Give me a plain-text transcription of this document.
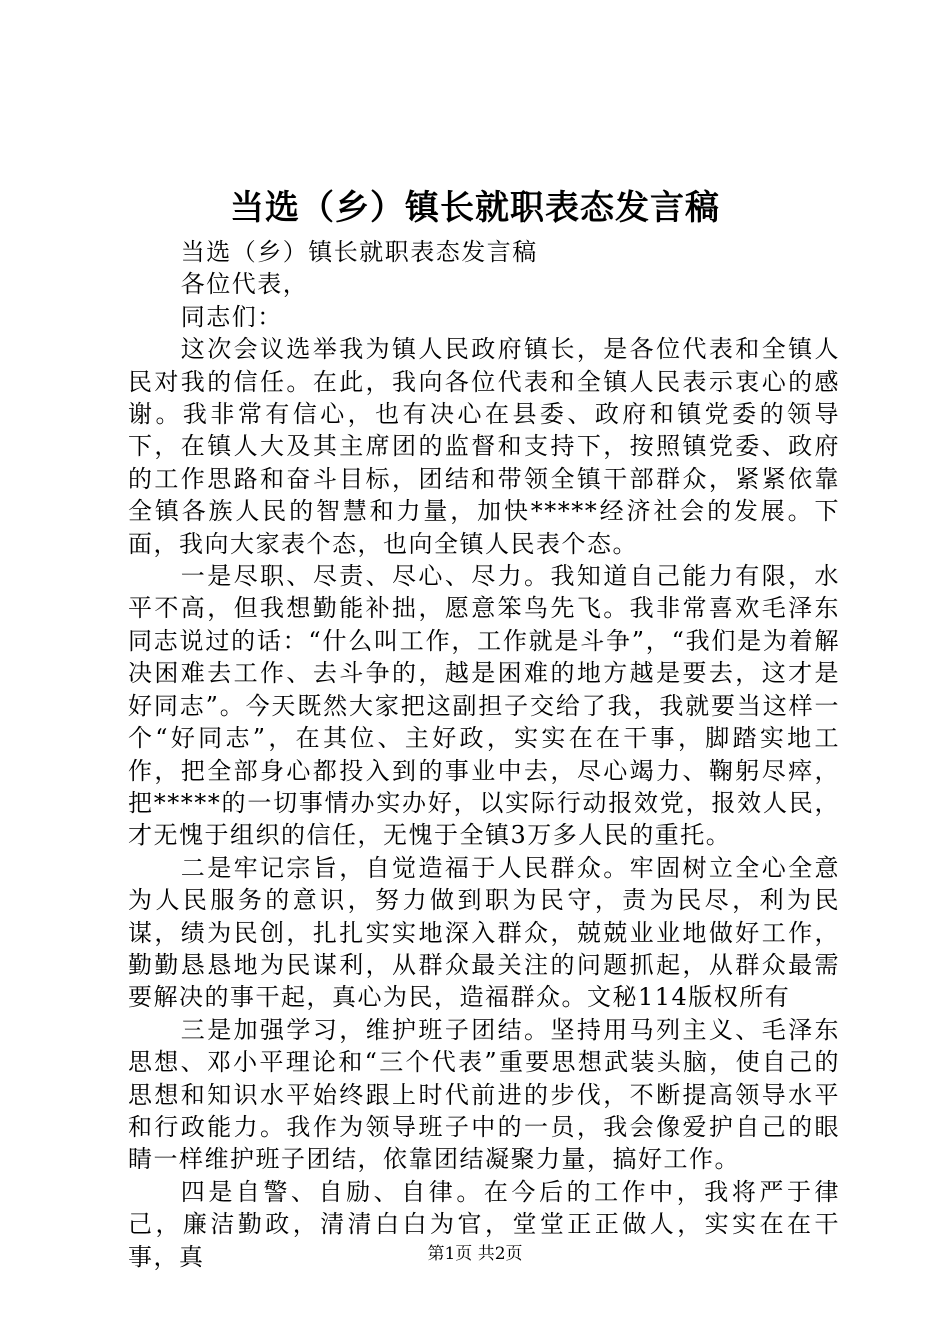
当选（乡）镇长就职表态发言稿

当选（乡）镇长就职表态发言稿

各位代表，

同志们：

这次会议选举我为镇人民政府镇长，是各位代表和全镇人民对我的信任。在此，我向各位代表和全镇人民表示衷心的感谢。我非常有信心，也有决心在县委、政府和镇党委的领导下，在镇人大及其主席团的监督和支持下，按照镇党委、政府的工作思路和奋斗目标，团结和带领全镇干部群众，紧紧依靠全镇各族人民的智慧和力量，加快*****经济社会的发展。下面，我向大家表个态，也向全镇人民表个态。

一是尽职、尽责、尽心、尽力。我知道自己能力有限，水平不高，但我想勤能补拙，愿意笨鸟先飞。我非常喜欢毛泽东同志说过的话：“什么叫工作，工作就是斗争”，“我们是为着解决困难去工作、去斗争的，越是困难的地方越是要去，这才是好同志”。今天既然大家把这副担子交给了我，我就要当这样一个“好同志”，在其位、主好政，实实在在干事，脚踏实地工作，把全部身心都投入到的事业中去，尽心竭力、鞠躬尽瘁，把*****的一切事情办实办好，以实际行动报效党，报效人民，才无愧于组织的信任，无愧于全镇3万多人民的重托。

二是牢记宗旨，自觉造福于人民群众。牢固树立全心全意为人民服务的意识，努力做到职为民守，责为民尽，利为民谋，绩为民创，扎扎实实地深入群众，兢兢业业地做好工作，勤勤恳恳地为民谋利，从群众最关注的问题抓起，从群众最需要解决的事干起，真心为民，造福群众。文秘114版权所有

三是加强学习，维护班子团结。坚持用马列主义、毛泽东思想、邓小平理论和“三个代表”重要思想武装头脑，使自己的思想和知识水平始终跟上时代前进的步伐，不断提高领导水平和行政能力。我作为领导班子中的一员，我会像爱护自己的眼睛一样维护班子团结，依靠团结凝聚力量，搞好工作。

四是自警、自励、自律。在今后的工作中，我将严于律己，廉洁勤政，清清白白为官，堂堂正正做人，实实在在干事，真	第1页 共2页
